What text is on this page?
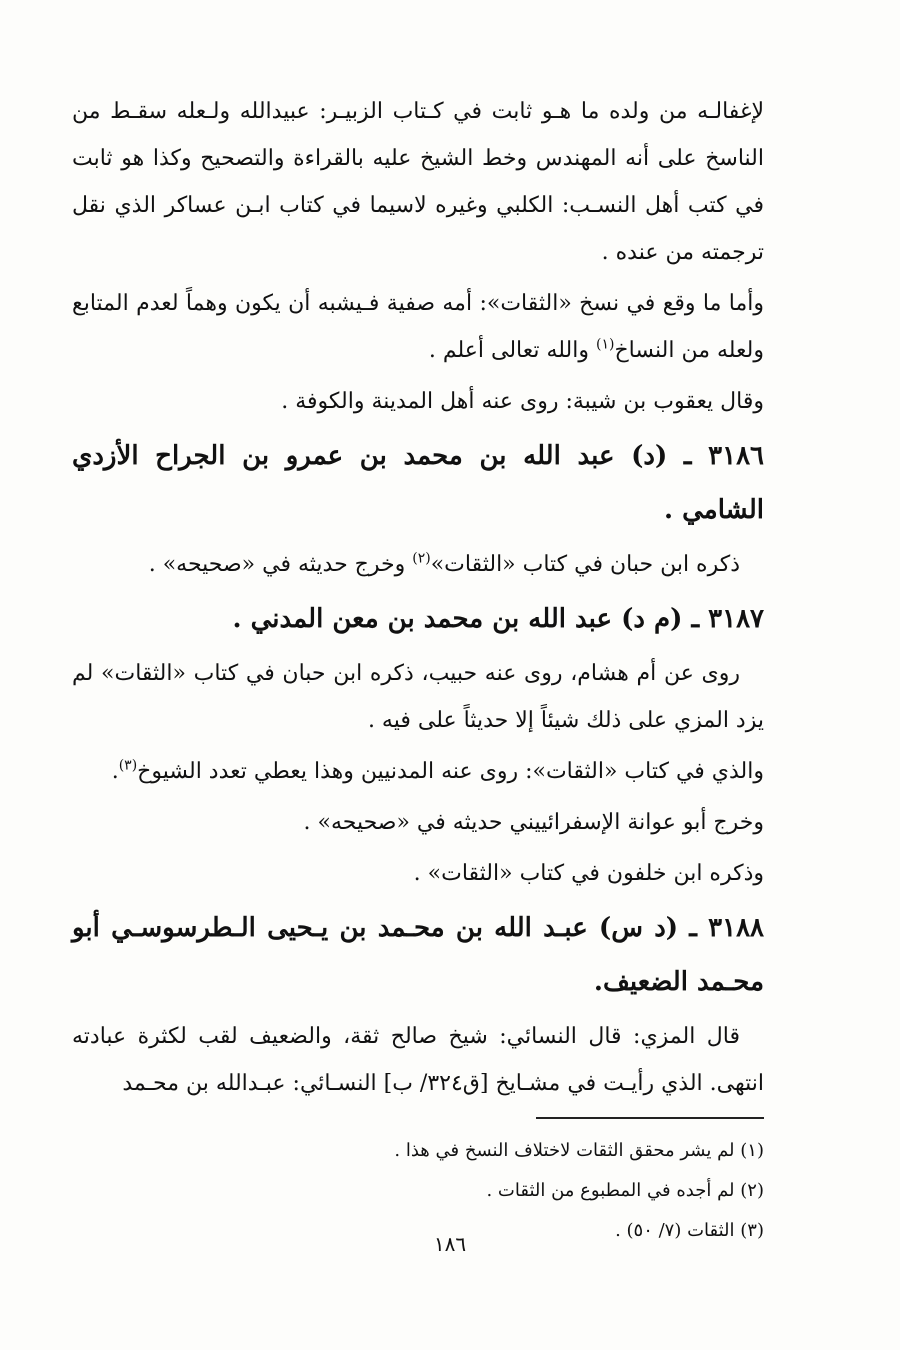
لإغفالـه من ولده ما هـو ثابت في كـتاب الزبيـر: عبيدالله ولـعله سقـط من الناسخ على أنه المهندس وخط الشيخ عليه بالقراءة والتصحيح وكذا هو ثابت في كتب أهل النسـب: الكلبي وغيره لاسيما في كتاب ابـن عساكر الذي نقل ترجمته من عنده .

وأما ما وقع في نسخ «الثقات»: أمه صفية فـيشبه أن يكون وهماً لعدم المتابع ولعله من النساخ$^{(١)}$ والله تعالى أعلم .

وقال يعقوب بن شيبة: روى عنه أهل المدينة والكوفة .

٣١٨٦ ـ (د) عبد الله بن محمد بن عمرو بن الجراح الأزدي الشامي .

ذكره ابن حبان في كتاب «الثقات»$^{(٢)}$ وخرج حديثه في «صحيحه» .

٣١٨٧ ـ (م د) عبد الله بن محمد بن معن المدني .

روى عن أم هشام، روى عنه حبيب، ذكره ابن حبان في كتاب «الثقات» لم يزد المزي على ذلك شيئاً إلا حديثاً على فيه .

والذي في كتاب «الثقات»: روى عنه المدنيين وهذا يعطي تعدد الشيوخ$^{(٣)}$.

وخرج أبو عوانة الإسفرائييني حديثه في «صحيحه» .

وذكره ابن خلفون في كتاب «الثقات» .

٣١٨٨ ـ (د س) عبـد الله بن محـمد بن يـحيى الـطرسوسـي أبو محـمد الضعيف.

قال المزي: قال النسائي: شيخ صالح ثقة، والضعيف لقب لكثرة عبادته انتهى. الذي رأيـت في مشـايخ [ق٣٢٤/ ب] النسـائي: عبـدالله بن محـمد

(١) لم يشر محقق الثقات لاختلاف النسخ في هذا .

(٢) لم أجده في المطبوع من الثقات .

(٣) الثقات (٧/ ٥٠) .

١٨٦
